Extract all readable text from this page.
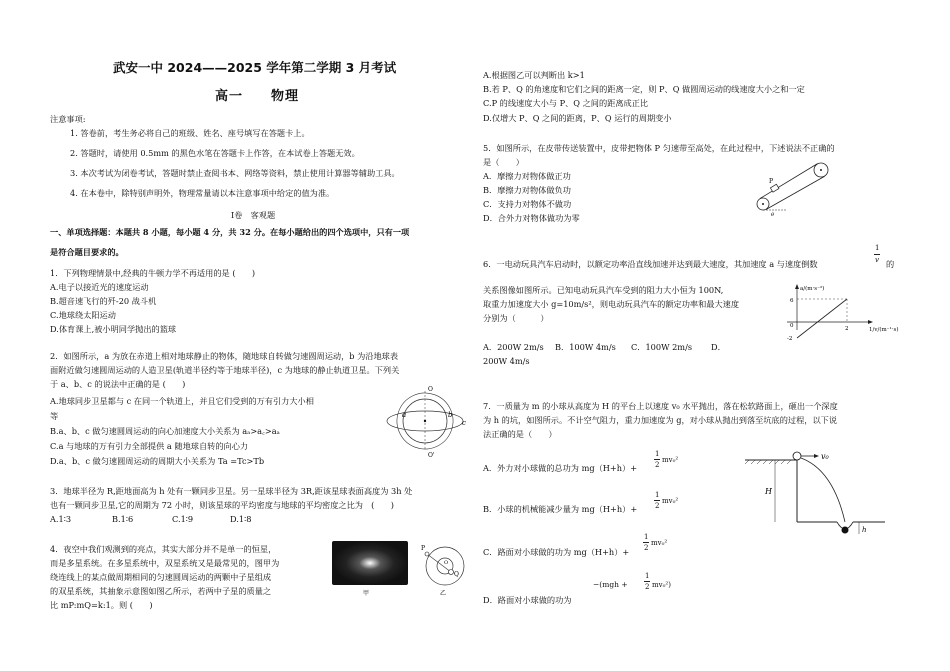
武安一中 2024——2025 学年第二学期 3 月考试
高一　　物理
注意事项:
1. 答卷前，考生务必将自己的班级、姓名、座号填写在答题卡上。
2. 答题时，请使用 0.5mm 的黑色水笔在答题卡上作答，在本试卷上答题无效。
3. 本次考试为闭卷考试，答题时禁止查阅书本、网络等资料，禁止使用计算器等辅助工具。
4. 在本卷中，除特别声明外，物理常量请以本注意事项中给定的值为准。
Ⅰ卷　客观题
一、单项选择题：本题共 8 小题，每小题 4 分，共 32 分。在每小题给出的四个选项中，只有一项
是符合题目要求的。
1．下列物理情景中,经典的牛顿力学不再适用的是 (　　)
A.电子以接近光的速度运动
B.超音速飞行的歼-20 战斗机
C.地球绕太阳运动
D.体育课上,被小明同学抛出的篮球
2．如图所示，a 为放在赤道上相对地球静止的物体，随地球自转做匀速圆周运动，b 为沿地球表
面附近做匀速圆周运动的人造卫星(轨道半径约等于地球半径)，c 为地球的静止轨道卫星。下列关
于 a、b、c 的说法中正确的是 (　　)
A.地球同步卫星都与 c 在同一个轨道上，并且它们受到的万有引力大小相
等
B.a、b、c 做匀速圆周运动的向心加速度大小关系为 aₐ>a꜀>aₐ
C.a 与地球的万有引力全部提供 a 随地球自转的向心力
D.a、b、c 做匀速圆周运动的周期大小关系为 Ta =Tc>Tb
a	b
c
O
O'
3．地球半径为 R,距地面高为 h 处有一颗同步卫星。另一星球半径为 3R,距该星球表面高度为 3h 处
也有一颗同步卫星,它的周期为 72 小时，则该星球的平均密度与地球的平均密度之比为　(　　)
A.1∶3	B.1∶6	C.1∶9	D.1∶8
4．夜空中我们观测到的亮点，其实大部分并不是单一的恒星，
而是多星系统。在多星系统中，双星系统又是最常见的，图甲为
绕连线上的某点做周期相同的匀速圆周运动的两颗中子星组成
的双星系统，其抽象示意图如图乙所示，若两中子星的质量之
比 mP:mQ=k:1。则 (　　)
甲
P
Q
O
乙
A.根据图乙可以判断出 k>1
B.若 P、Q 的角速度和它们之间的距离一定，则 P、Q 做圆周运动的线速度大小之和一定
C.P 的线速度大小与 P、Q 之间的距离成正比
D.仅增大 P、Q 之间的距离，P、Q 运行的周期变小
5．如图所示，在皮带传送装置中，皮带把物体 P 匀速带至高处，在此过程中，下述说法不正确的
是（　　）
A．摩擦力对物体做正功
B．摩擦力对物体做负功
C．支持力对物体不做功
D．合外力对物体做功为零
P
θ
6．一电动玩具汽车启动时，以额定功率沿直线加速并达到最大速度，其加速度 a 与速度倒数
1
v 的
关系图像如图所示。已知电动玩具汽车受到的阻力大小恒为 100N,
取重力加速度大小 g=10m/s²，则电动玩具汽车的额定功率和最大速度
分别为（　　　）
A．200W 2m/s B．100W 4m/s C．100W 2m/s D．
200W 4m/s
a/(m·s⁻²)
1/v/(m⁻¹·s)
6
0
-2
2
7．一质量为 m 的小球从高度为 H 的平台上以速度 v₀ 水平抛出，落在松软路面上，砸出一个深度
为 h 的坑，如图所示。不计空气阻力，重力加速度为 g，对小球从抛出到落至坑底的过程，以下说
法正确的是（　　）
A．外力对小球做的总功为 mg（H+h）+
1
2
mv₀²
B．小球的机械能减少量为 mg（H+h）+
1
2
mv₀²
C．路面对小球做的功为 mg（H+h）+
1
2
mv₀²
D．路面对小球做的功为
−(mgh +
1
2 mv₀²)
v₀
H
h
